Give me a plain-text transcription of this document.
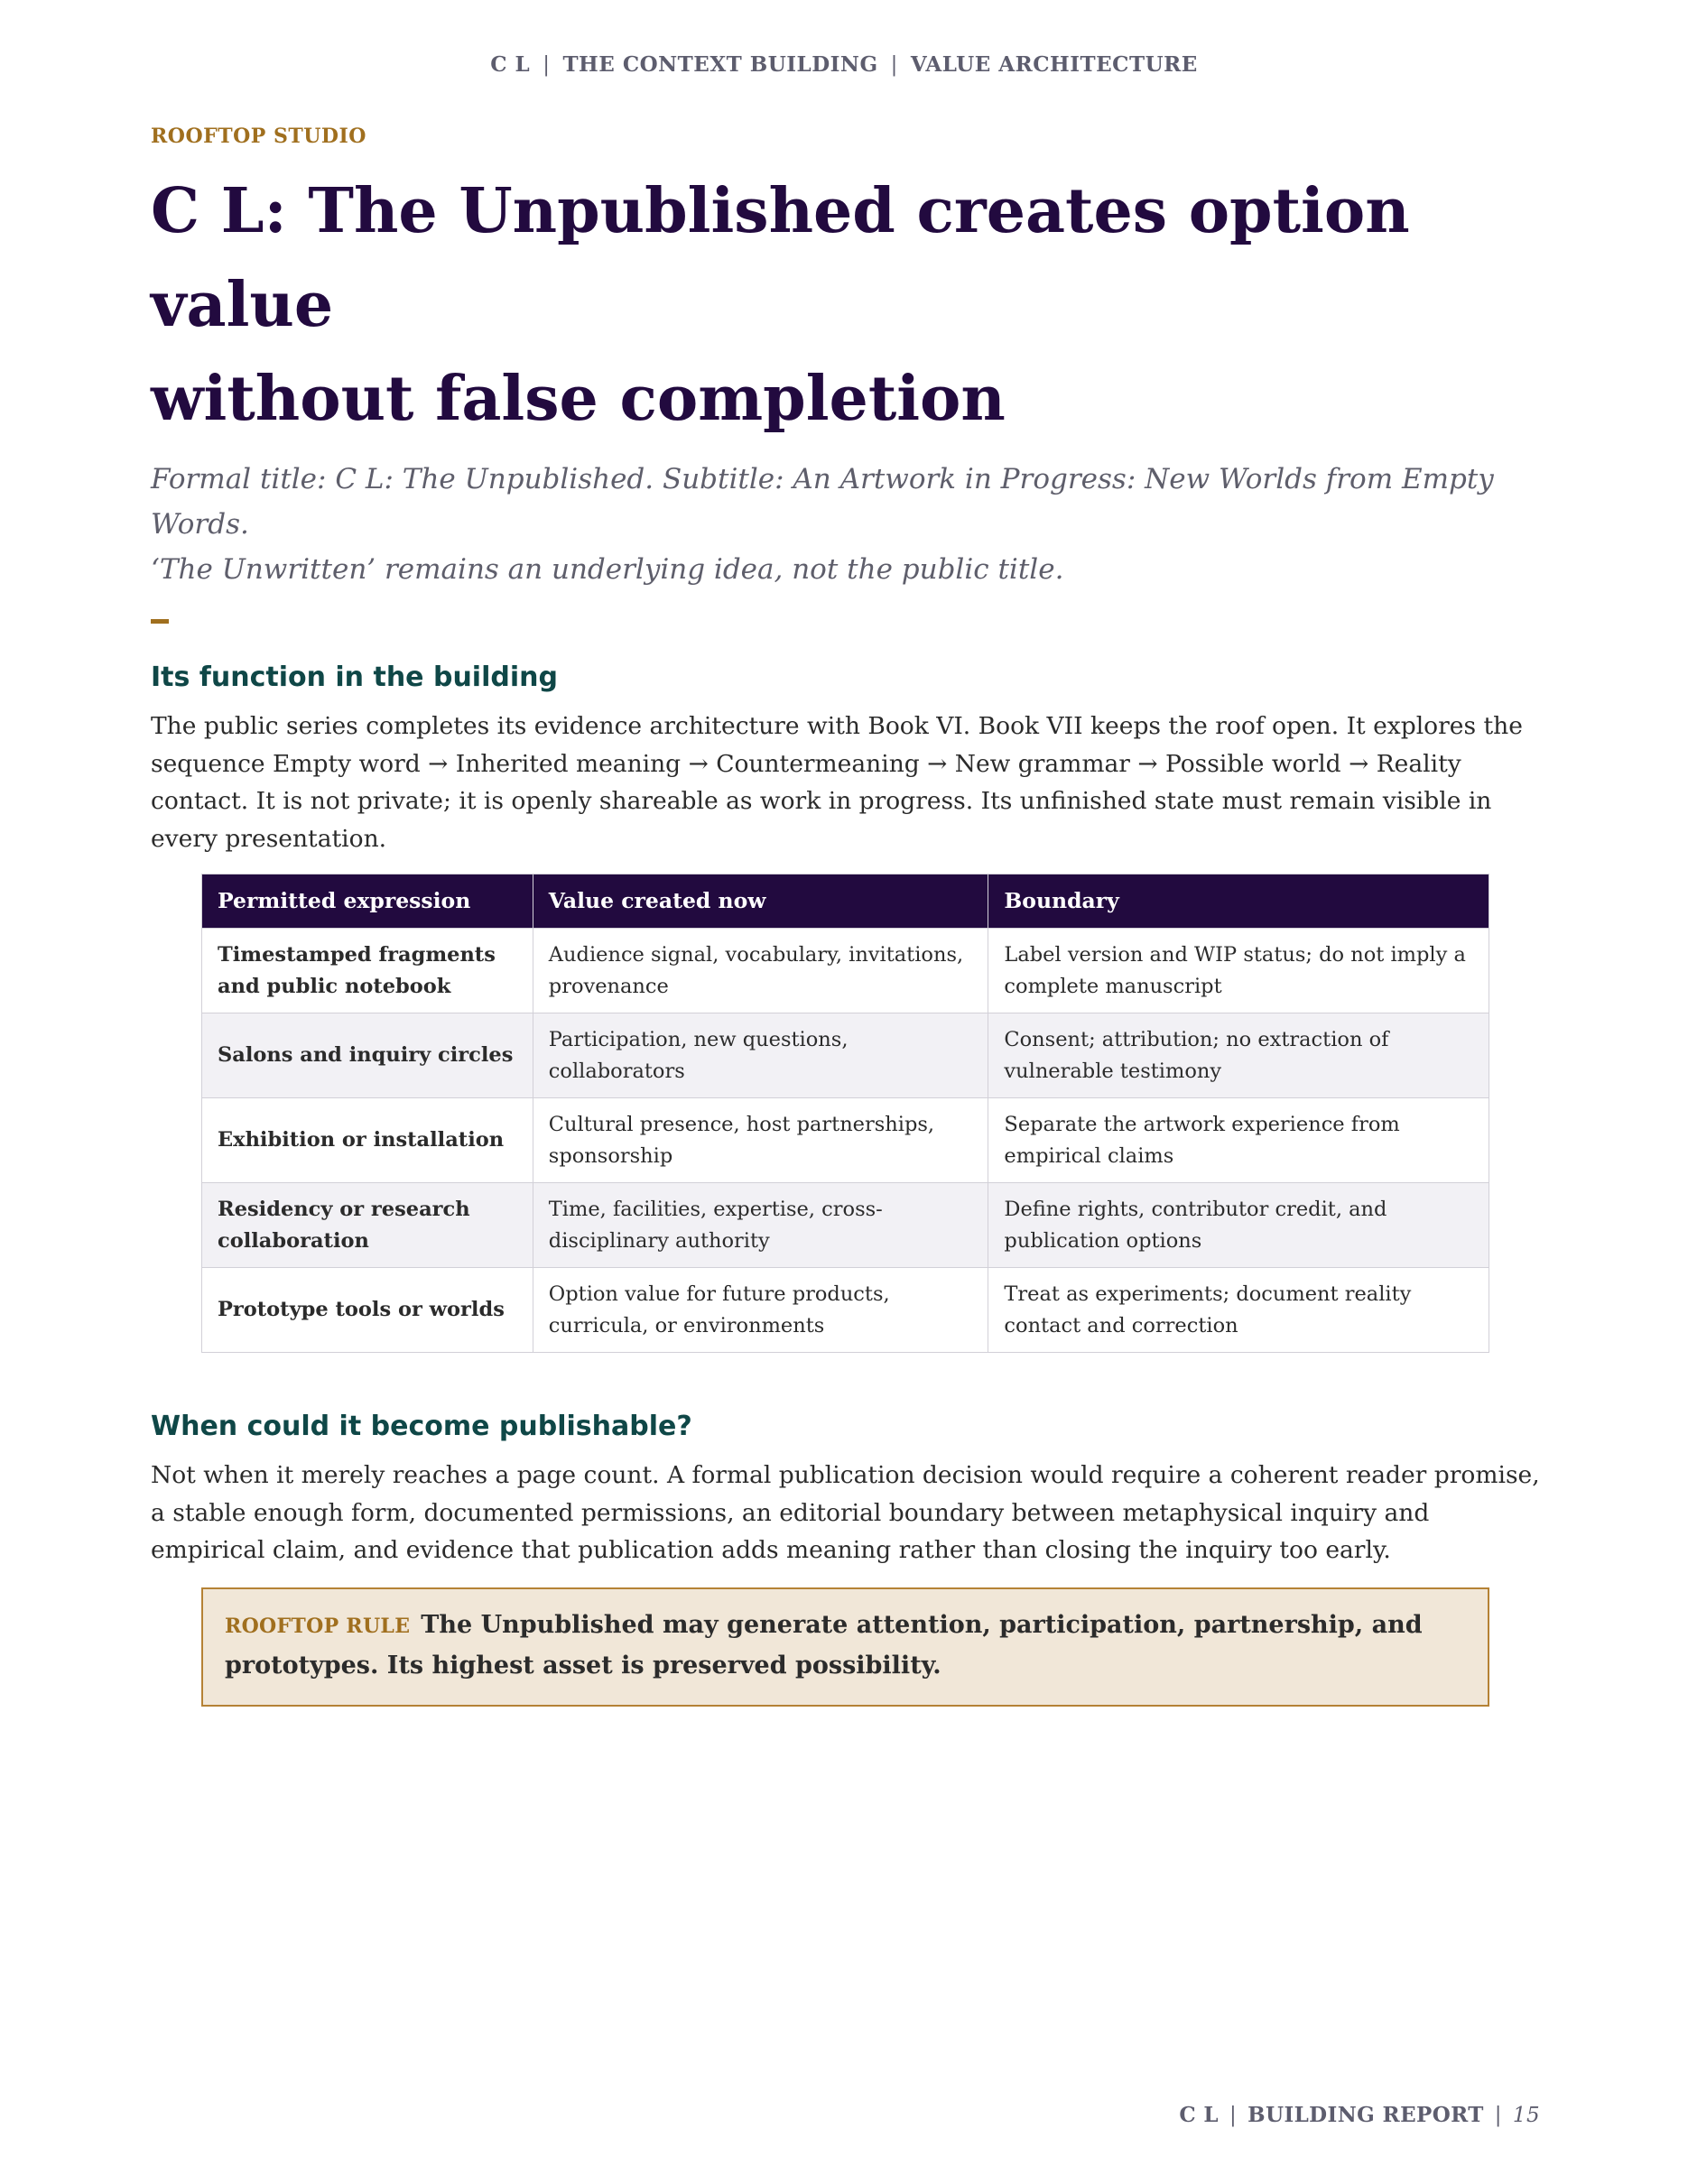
C L | THE CONTEXT BUILDING | VALUE ARCHITECTURE
ROOFTOP STUDIO
C L: The Unpublished creates option value
without false completion

Formal title: C L: The Unpublished. Subtitle: An Artwork in Progress: New Worlds from Empty Words.
‘The Unwritten’ remains an underlying idea, not the public title.

Its function in the building

The public series completes its evidence architecture with Book VI. Book VII keeps the roof open. It explores the sequence Empty word → Inherited meaning → Countermeaning → New grammar → Possible world → Reality contact. It is not private; it is openly shareable as work in progress. Its unfinished state must remain visible in every presentation.

Permitted expression	Value created now	Boundary
Timestamped fragments and public notebook	Audience signal, vocabulary, invitations, provenance	Label version and WIP status; do not imply a complete manuscript
Salons and inquiry circles	Participation, new questions, collaborators	Consent; attribution; no extraction of vulnerable testimony
Exhibition or installation	Cultural presence, host partnerships, sponsorship	Separate the artwork experience from empirical claims
Residency or research collaboration	Time, facilities, expertise, cross-disciplinary authority	Define rights, contributor credit, and publication options
Prototype tools or worlds	Option value for future products, curricula, or environments	Treat as experiments; document reality contact and correction
When could it become publishable?

Not when it merely reaches a page count. A formal publication decision would require a coherent reader promise, a stable enough form, documented permissions, an editorial boundary between metaphysical inquiry and empirical claim, and evidence that publication adds meaning rather than closing the inquiry too early.

ROOFTOP RULE The Unpublished may generate attention, participation, partnership, and prototypes. Its highest asset is preserved possibility.
C L | BUILDING REPORT | 15
